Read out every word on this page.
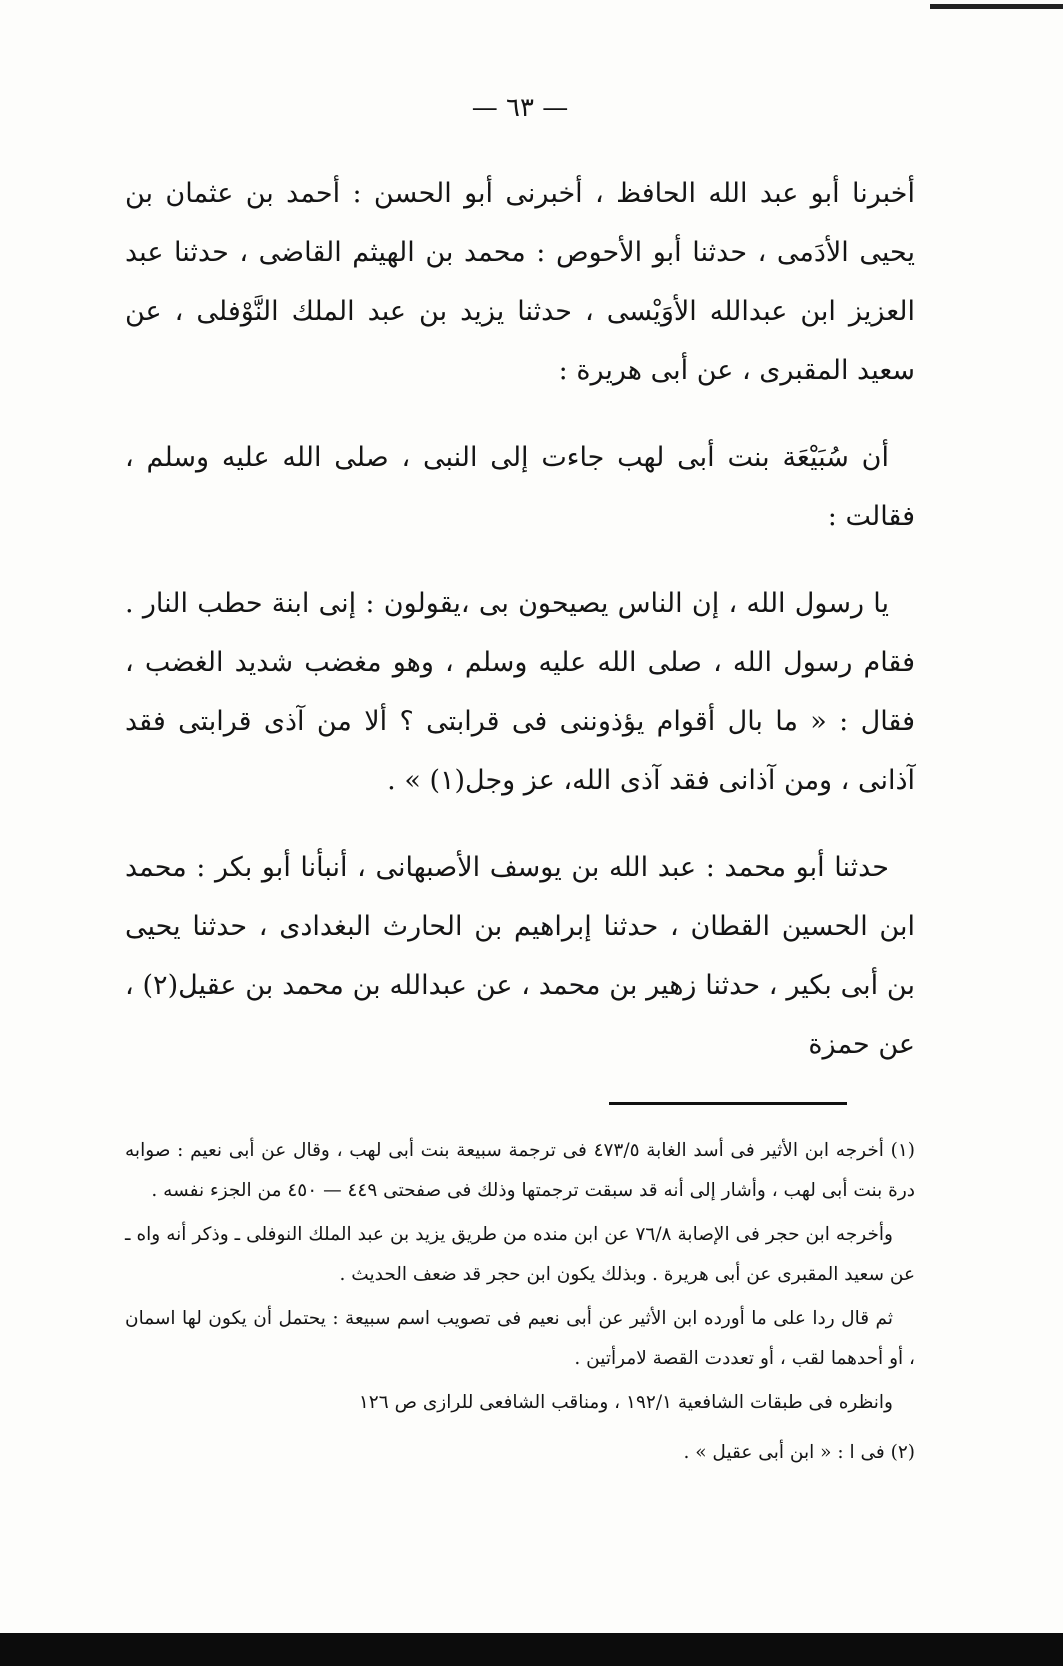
— ٦٣ —

أخبرنا أبو عبد الله الحافظ ، أخبرنى أبو الحسن : أحمد بن عثمان بن يحيى الأدَمى ، حدثنا أبو الأحوص : محمد بن الهيثم القاضى ، حدثنا عبد العزيز ابن عبدالله الأوَيْسى ، حدثنا يزيد بن عبد الملك النَّوْفلى ، عن سعيد المقبرى ، عن أبى هريرة :

أن سُبَيْعَة بنت أبى لهب جاءت إلى النبى ، صلى الله عليه وسلم ، فقالت :

يا رسول الله ، إن الناس يصيحون بى ،يقولون : إنى ابنة حطب النار . فقام رسول الله ، صلى الله عليه وسلم ، وهو مغضب شديد الغضب ، فقال : « ما بال أقوام يؤذوننى فى قرابتى ؟ ألا من آذى قرابتى فقد آذانى ، ومن آذانى فقد آذى الله، عز وجل(١) » .

حدثنا أبو محمد : عبد الله بن يوسف الأصبهانى ، أنبأنا أبو بكر : محمد ابن الحسين القطان ، حدثنا إبراهيم بن الحارث البغدادى ، حدثنا يحيى بن أبى بكير ، حدثنا زهير بن محمد ، عن عبدالله بن محمد بن عقيل(٢) ، عن حمزة

(١) أخرجه ابن الأثير فى أسد الغابة ٤٧٣/٥ فى ترجمة سبيعة بنت أبى لهب ، وقال عن أبى نعيم : صوابه درة بنت أبى لهب ، وأشار إلى أنه قد سبقت ترجمتها وذلك فى صفحتى ٤٤٩ — ٤٥٠ من الجزء نفسه .

وأخرجه ابن حجر فى الإصابة ٧٦/٨ عن ابن منده من طريق يزيد بن عبد الملك النوفلى ـ وذكر أنه واه ـ عن سعيد المقبرى عن أبى هريرة . وبذلك يكون ابن حجر قد ضعف الحديث .

ثم قال ردا على ما أورده ابن الأثير عن أبى نعيم فى تصويب اسم سبيعة : يحتمل أن يكون لها اسمان ، أو أحدهما لقب ، أو تعددت القصة لامرأتين .

وانظره فى طبقات الشافعية ١٩٢/١ ، ومناقب الشافعى للرازى ص ١٢٦

(٢) فى ا : « ابن أبى عقيل » .
